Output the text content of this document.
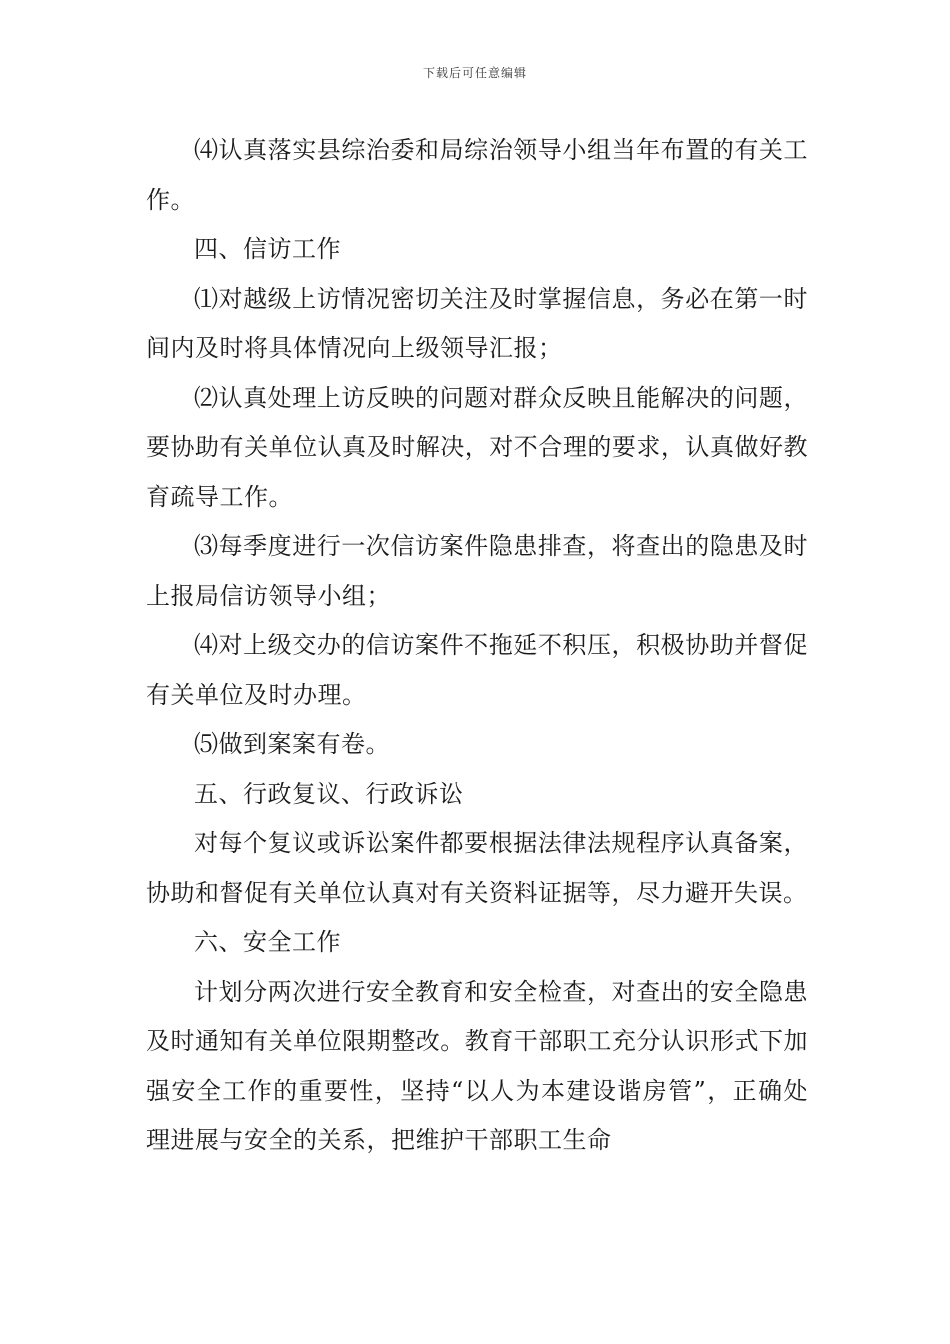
下载后可任意编辑

⑷认真落实县综治委和局综治领导小组当年布置的有关工作。

四、信访工作

⑴对越级上访情况密切关注及时掌握信息，务必在第一时间内及时将具体情况向上级领导汇报；

⑵认真处理上访反映的问题对群众反映且能解决的问题，要协助有关单位认真及时解决，对不合理的要求，认真做好教育疏导工作。

⑶每季度进行一次信访案件隐患排查，将查出的隐患及时上报局信访领导小组；

⑷对上级交办的信访案件不拖延不积压，积极协助并督促有关单位及时办理。

⑸做到案案有卷。

五、行政复议、行政诉讼

对每个复议或诉讼案件都要根据法律法规程序认真备案，协助和督促有关单位认真对有关资料证据等，尽力避开失误。

六、安全工作

计划分两次进行安全教育和安全检查，对查出的安全隐患及时通知有关单位限期整改。教育干部职工充分认识形式下加强安全工作的重要性，坚持“以人为本建设谐房管”，正确处理进展与安全的关系，把维护干部职工生命
